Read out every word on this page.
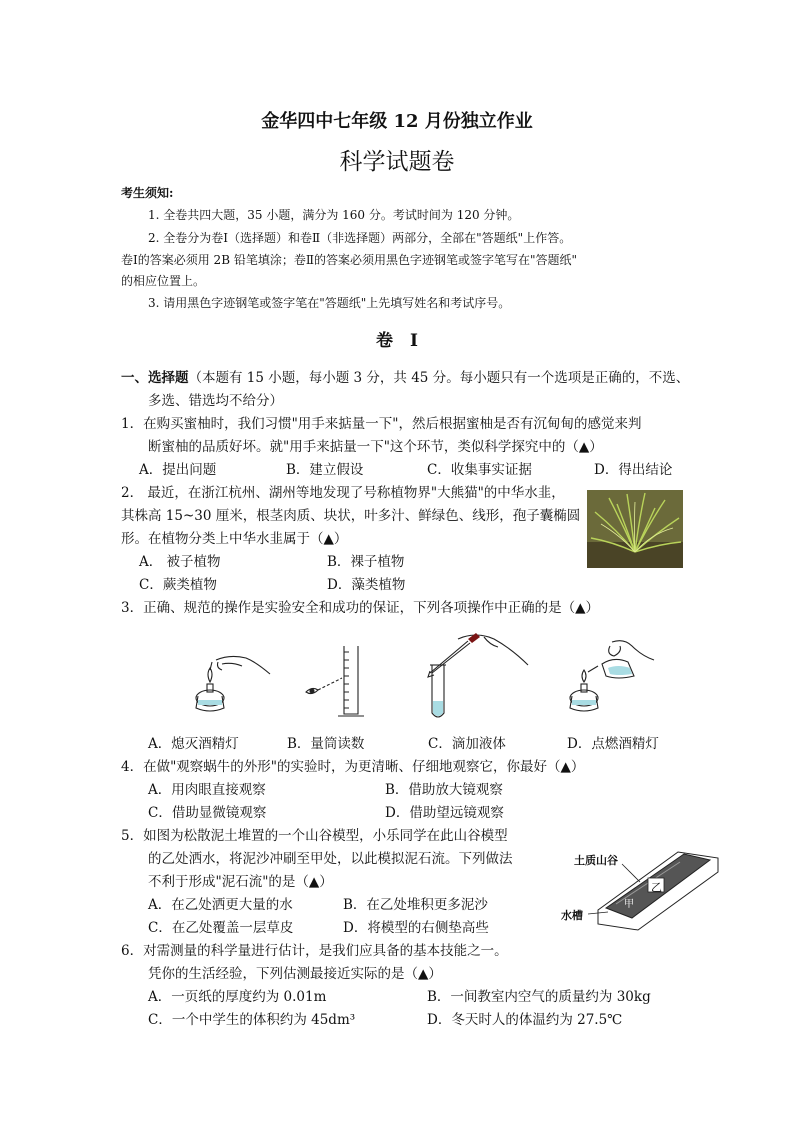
金华四中七年级 12 月份独立作业
科学试题卷
考生须知:
1. 全卷共四大题，35 小题，满分为 160 分。考试时间为 120 分钟。
2. 全卷分为卷Ⅰ（选择题）和卷Ⅱ（非选择题）两部分，全部在"答题纸"上作答。
卷Ⅰ的答案必须用 2B 铅笔填涂；卷Ⅱ的答案必须用黑色字迹钢笔或签字笔写在"答题纸"
的相应位置上。
3. 请用黑色字迹钢笔或签字笔在"答题纸"上先填写姓名和考试序号。
卷　Ⅰ
一、选择题（本题有 15 小题，每小题 3 分，共 45 分。每小题只有一个选项是正确的，不选、
多选、错选均不给分）
1．在购买蜜柚时，我们习惯"用手来掂量一下"，然后根据蜜柚是否有沉甸甸的感觉来判
断蜜柚的品质好坏。就"用手来掂量一下"这个环节，类似科学探究中的（▲）
A．提出问题	B．建立假设	C．收集事实证据	D．得出结论
2． 最近，在浙江杭州、湖州等地发现了号称植物界"大熊猫"的中华水韭，
其株高 15~30 厘米，根茎肉质、块状，叶多汁、鲜绿色、线形，孢子囊椭圆
形。在植物分类上中华水韭属于（▲）
A． 被子植物	B．裸子植物
C．蕨类植物	D．藻类植物
3．正确、规范的操作是实验安全和成功的保证，下列各项操作中正确的是（▲）
A．熄灭酒精灯	B．量筒读数	C．滴加液体	D．点燃酒精灯
4．在做"观察蜗牛的外形"的实验时，为更清晰、仔细地观察它，你最好（▲）
A．用肉眼直接观察	B．借助放大镜观察
C．借助显微镜观察	D．借助望远镜观察
5．如图为松散泥土堆置的一个山谷模型，小乐同学在此山谷模型
的乙处洒水，将泥沙冲刷至甲处，以此模拟泥石流。下列做法
不利于形成"泥石流"的是（▲）
A．在乙处洒更大量的水	B．在乙处堆积更多泥沙
C．在乙处覆盖一层草皮	D．将模型的右侧垫高些
土质山谷
乙
甲
水槽
6．对需测量的科学量进行估计，是我们应具备的基本技能之一。
凭你的生活经验，下列估测最接近实际的是（▲）
A．一页纸的厚度约为 0.01m	B．一间教室内空气的质量约为 30kg
C．一个中学生的体积约为 45dm³	D．冬天时人的体温约为 27.5℃
